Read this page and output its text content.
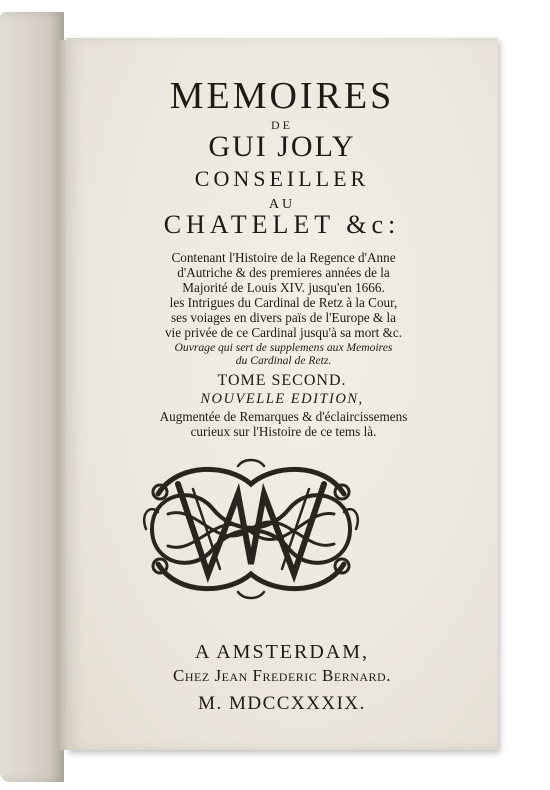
MEMOIRES
DE
GUI JOLY
CONSEILLER
AU
CHATELET &c:
Contenant l'Histoire de la Regence d'Anne
d'Autriche & des premieres années de la
Majorité de Louis XIV. jusqu'en 1666.
les Intrigues du Cardinal de Retz à la Cour,
ses voiages en divers païs de l'Europe & la
vie privée de ce Cardinal jusqu'à sa mort &c.
Ouvrage qui sert de supplemens aux Memoires
du Cardinal de Retz.
TOME SECOND.
NOUVELLE EDITION,
Augmentée de Remarques & d'éclaircissemens
curieux sur l'Histoire de ce tems là.
A AMSTERDAM,
Chez Jean Frederic Bernard.
M. MDCCXXXIX.
